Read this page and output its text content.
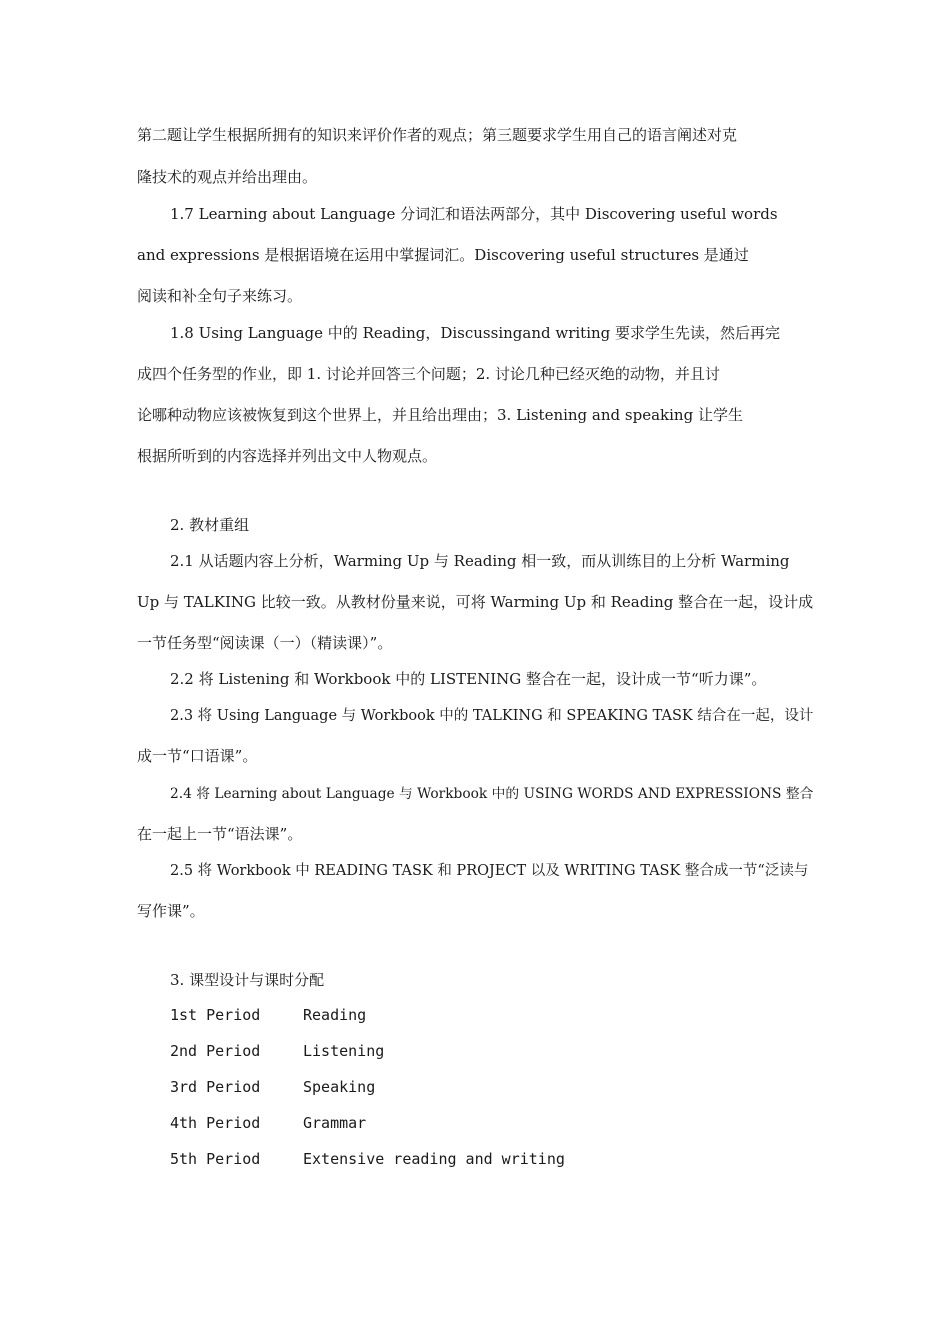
第二题让学生根据所拥有的知识来评价作者的观点；第三题要求学生用自己的语言阐述对克
隆技术的观点并给出理由。
1.7 Learning about Language 分词汇和语法两部分，其中 Discovering useful words
and expressions 是根据语境在运用中掌握词汇。Discovering useful structures 是通过
阅读和补全句子来练习。
1.8 Using Language 中的 Reading，Discussingand writing 要求学生先读，然后再完
成四个任务型的作业，即 1. 讨论并回答三个问题；2. 讨论几种已经灭绝的动物，并且讨
论哪种动物应该被恢复到这个世界上，并且给出理由；3. Listening and speaking 让学生
根据所听到的内容选择并列出文中人物观点。
2. 教材重组
2.1 从话题内容上分析，Warming Up 与 Reading 相一致，而从训练目的上分析 Warming
Up 与 TALKING 比较一致。从教材份量来说，可将 Warming Up 和 Reading 整合在一起，设计成
一节任务型“阅读课（一）（精读课）”。
2.2 将 Listening 和 Workbook 中的 LISTENING 整合在一起，设计成一节“听力课”。
2.3 将 Using Language 与 Workbook 中的 TALKING 和 SPEAKING TASK 结合在一起，设计
成一节“口语课”。
2.4 将 Learning about Language 与 Workbook 中的 USING WORDS AND EXPRESSIONS 整合
在一起上一节“语法课”。
2.5 将 Workbook 中 READING TASK 和 PROJECT 以及 WRITING TASK 整合成一节“泛读与
写作课”。
3. 课型设计与课时分配
1st Period	Reading
2nd Period	Listening
3rd Period	Speaking
4th Period	Grammar
5th Period	Extensive reading and writing
